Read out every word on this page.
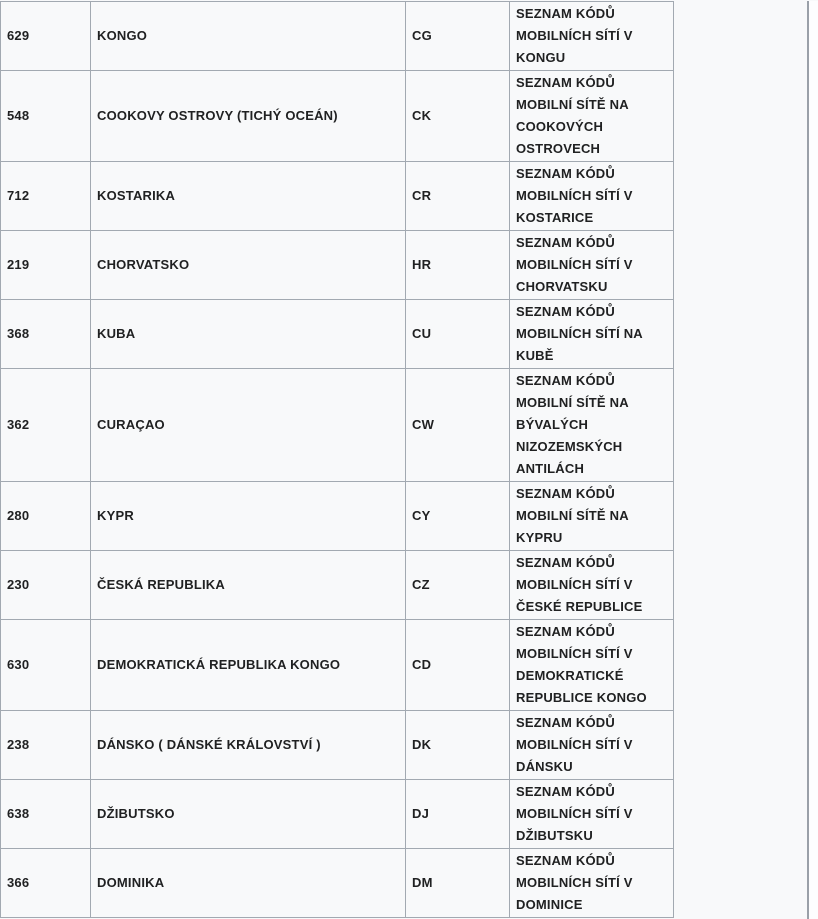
629	KONGO	CG	SEZNAM KÓDŮ MOBILNÍCH SÍTÍ V KONGU
548	COOKOVY OSTROVY (TICHÝ OCEÁN)	CK	SEZNAM KÓDŮ MOBILNÍ SÍTĚ NA COOKOVÝCH OSTROVECH
712	KOSTARIKA	CR	SEZNAM KÓDŮ MOBILNÍCH SÍTÍ V KOSTARICE
219	CHORVATSKO	HR	SEZNAM KÓDŮ MOBILNÍCH SÍTÍ V CHORVATSKU
368	KUBA	CU	SEZNAM KÓDŮ MOBILNÍCH SÍTÍ NA KUBĚ
362	CURAÇAO	CW	SEZNAM KÓDŮ MOBILNÍ SÍTĚ NA BÝVALÝCH NIZOZEMSKÝCH ANTILÁCH
280	KYPR	CY	SEZNAM KÓDŮ MOBILNÍ SÍTĚ NA KYPRU
230	ČESKÁ REPUBLIKA	CZ	SEZNAM KÓDŮ MOBILNÍCH SÍTÍ V ČESKÉ REPUBLICE
630	DEMOKRATICKÁ REPUBLIKA KONGO	CD	SEZNAM KÓDŮ MOBILNÍCH SÍTÍ V DEMOKRATICKÉ REPUBLICE KONGO
238	DÁNSKO ( DÁNSKÉ KRÁLOVSTVÍ )	DK	SEZNAM KÓDŮ MOBILNÍCH SÍTÍ V DÁNSKU
638	DŽIBUTSKO	DJ	SEZNAM KÓDŮ MOBILNÍCH SÍTÍ V DŽIBUTSKU
366	DOMINIKA	DM	SEZNAM KÓDŮ MOBILNÍCH SÍTÍ V DOMINICE
